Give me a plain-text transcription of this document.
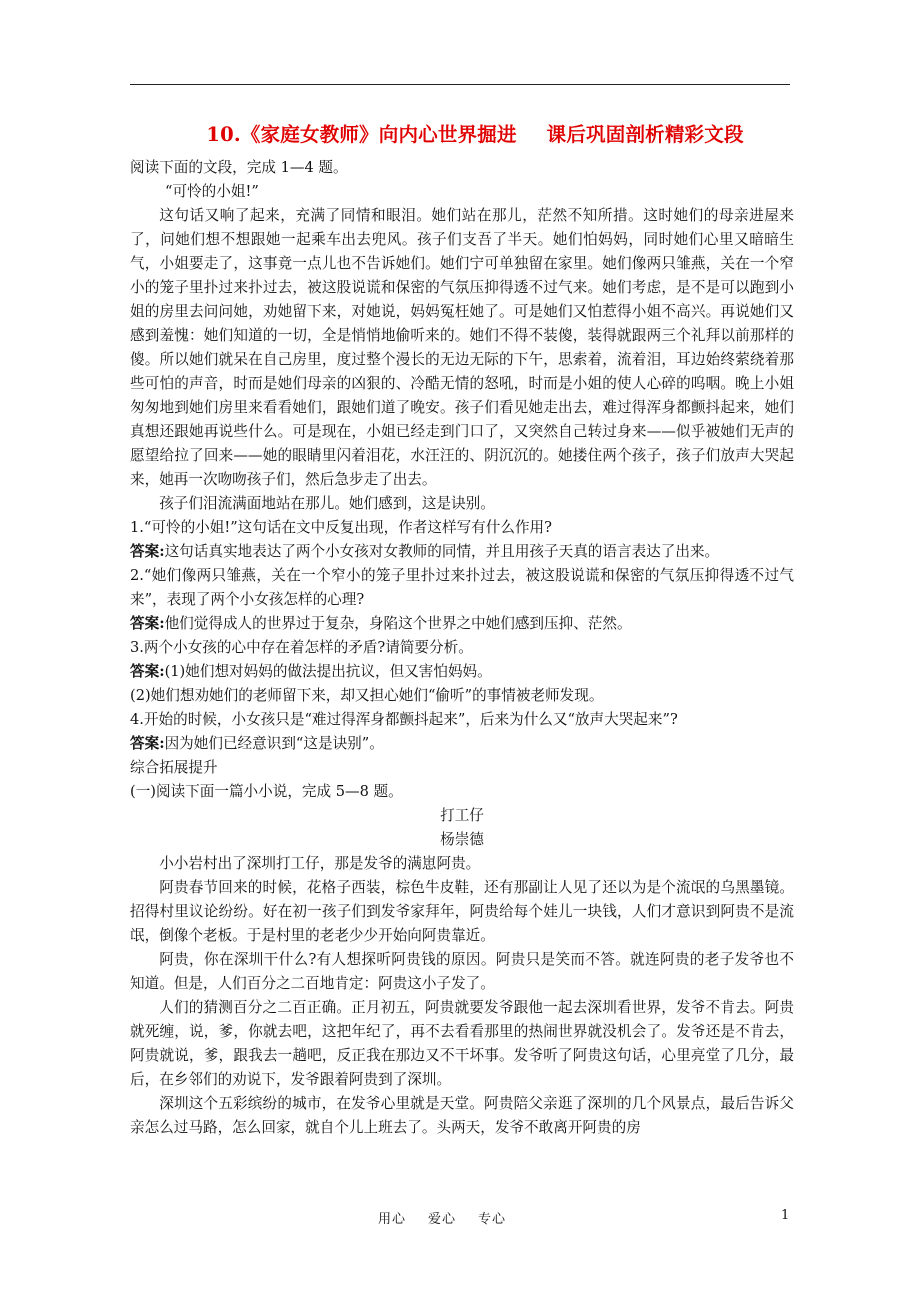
10.《家庭女教师》向内心世界掘进 课后巩固剖析精彩文段

阅读下面的文段，完成 1—4 题。

“可怜的小姐!”

这句话又响了起来，充满了同情和眼泪。她们站在那儿，茫然不知所措。这时她们的母亲进屋来了，问她们想不想跟她一起乘车出去兜风。孩子们支吾了半天。她们怕妈妈，同时她们心里又暗暗生气，小姐要走了，这事竟一点儿也不告诉她们。她们宁可单独留在家里。她们像两只雏燕，关在一个窄小的笼子里扑过来扑过去，被这股说谎和保密的气氛压抑得透不过气来。她们考虑，是不是可以跑到小姐的房里去问问她，劝她留下来，对她说，妈妈冤枉她了。可是她们又怕惹得小姐不高兴。再说她们又感到羞愧：她们知道的一切，全是悄悄地偷听来的。她们不得不装傻，装得就跟两三个礼拜以前那样的傻。所以她们就呆在自己房里，度过整个漫长的无边无际的下午，思索着，流着泪，耳边始终萦绕着那些可怕的声音，时而是她们母亲的凶狠的、冷酷无情的怒吼，时而是小姐的使人心碎的呜咽。晚上小姐匆匆地到她们房里来看看她们，跟她们道了晚安。孩子们看见她走出去，难过得浑身都颤抖起来，她们真想还跟她再说些什么。可是现在，小姐已经走到门口了，又突然自己转过身来——似乎被她们无声的愿望给拉了回来——她的眼睛里闪着泪花，水汪汪的、阴沉沉的。她搂住两个孩子，孩子们放声大哭起来，她再一次吻吻孩子们，然后急步走了出去。

孩子们泪流满面地站在那儿。她们感到，这是诀别。

1.“可怜的小姐!”这句话在文中反复出现，作者这样写有什么作用?

答案:这句话真实地表达了两个小女孩对女教师的同情，并且用孩子天真的语言表达了出来。

2.“她们像两只雏燕，关在一个窄小的笼子里扑过来扑过去，被这股说谎和保密的气氛压抑得透不过气来”，表现了两个小女孩怎样的心理?

答案:他们觉得成人的世界过于复杂，身陷这个世界之中她们感到压抑、茫然。

3.两个小女孩的心中存在着怎样的矛盾?请简要分析。

答案:(1)她们想对妈妈的做法提出抗议，但又害怕妈妈。

(2)她们想劝她们的老师留下来，却又担心她们“偷听”的事情被老师发现。

4.开始的时候，小女孩只是“难过得浑身都颤抖起来”，后来为什么又“放声大哭起来”?

答案:因为她们已经意识到“这是诀别”。

综合拓展提升

(一)阅读下面一篇小小说，完成 5—8 题。

打工仔

杨崇德

小小岩村出了深圳打工仔，那是发爷的满崽阿贵。

阿贵春节回来的时候，花格子西装，棕色牛皮鞋，还有那副让人见了还以为是个流氓的乌黑墨镜。招得村里议论纷纷。好在初一孩子们到发爷家拜年，阿贵给每个娃儿一块钱，人们才意识到阿贵不是流氓，倒像个老板。于是村里的老老少少开始向阿贵靠近。

阿贵，你在深圳干什么?有人想探听阿贵钱的原因。阿贵只是笑而不答。就连阿贵的老子发爷也不知道。但是，人们百分之二百地肯定：阿贵这小子发了。

人们的猜测百分之二百正确。正月初五，阿贵就要发爷跟他一起去深圳看世界，发爷不肯去。阿贵就死缠，说，爹，你就去吧，这把年纪了，再不去看看那里的热闹世界就没机会了。发爷还是不肯去，阿贵就说，爹，跟我去一趟吧，反正我在那边又不干坏事。发爷听了阿贵这句话，心里亮堂了几分，最后，在乡邻们的劝说下，发爷跟着阿贵到了深圳。

深圳这个五彩缤纷的城市，在发爷心里就是天堂。阿贵陪父亲逛了深圳的几个风景点，最后告诉父亲怎么过马路，怎么回家，就自个儿上班去了。头两天，发爷不敢离开阿贵的房

用心 爱心 专心	1
